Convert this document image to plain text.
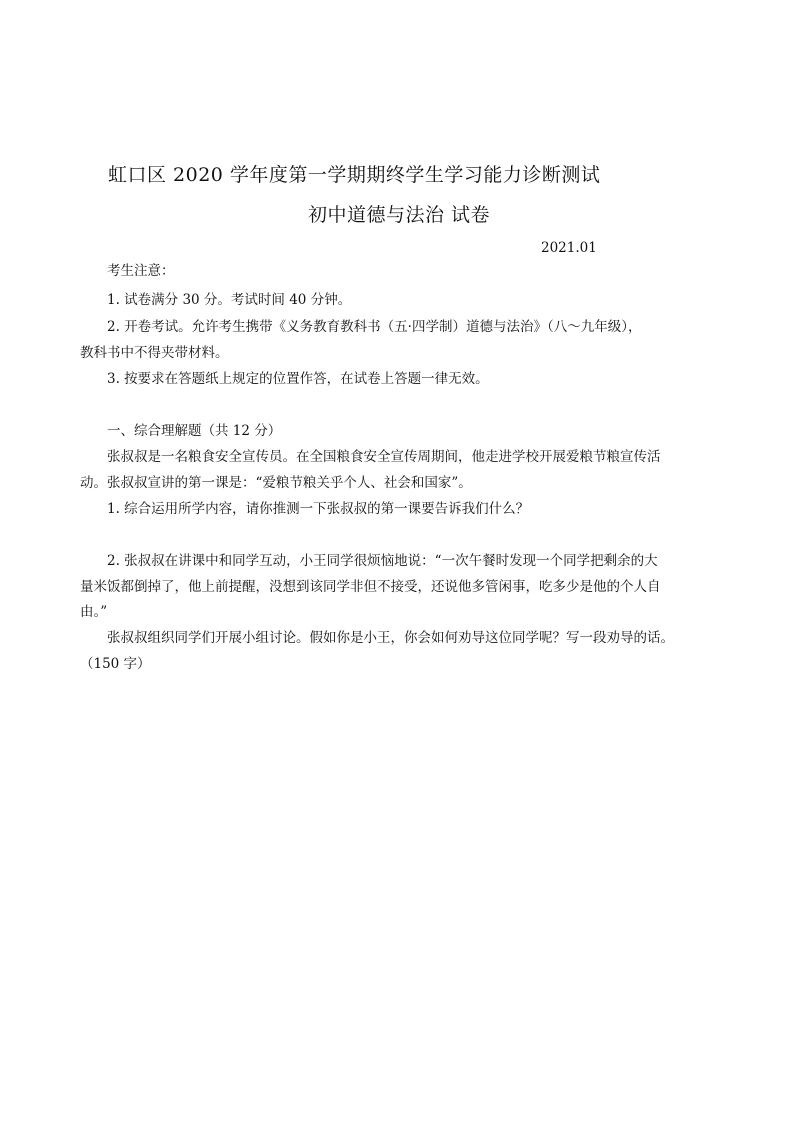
虹口区 2020 学年度第一学期期终学生学习能力诊断测试
初中道德与法治 试卷
2021.01
考生注意：
1. 试卷满分 30 分。考试时间 40 分钟。
2. 开卷考试。允许考生携带《义务教育教科书（五·四学制）道德与法治》（八～九年级），
教科书中不得夹带材料。
3. 按要求在答题纸上规定的位置作答，在试卷上答题一律无效。
一、综合理解题（共 12 分）
张叔叔是一名粮食安全宣传员。在全国粮食安全宣传周期间，他走进学校开展爱粮节粮宣传活
动。张叔叔宣讲的第一课是：“爱粮节粮关乎个人、社会和国家”。
1. 综合运用所学内容，请你推测一下张叔叔的第一课要告诉我们什么？
2. 张叔叔在讲课中和同学互动，小王同学很烦恼地说：“一次午餐时发现一个同学把剩余的大
量米饭都倒掉了，他上前提醒，没想到该同学非但不接受，还说他多管闲事，吃多少是他的个人自
由。”
张叔叔组织同学们开展小组讨论。假如你是小王，你会如何劝导这位同学呢？写一段劝导的话。
（150 字）
